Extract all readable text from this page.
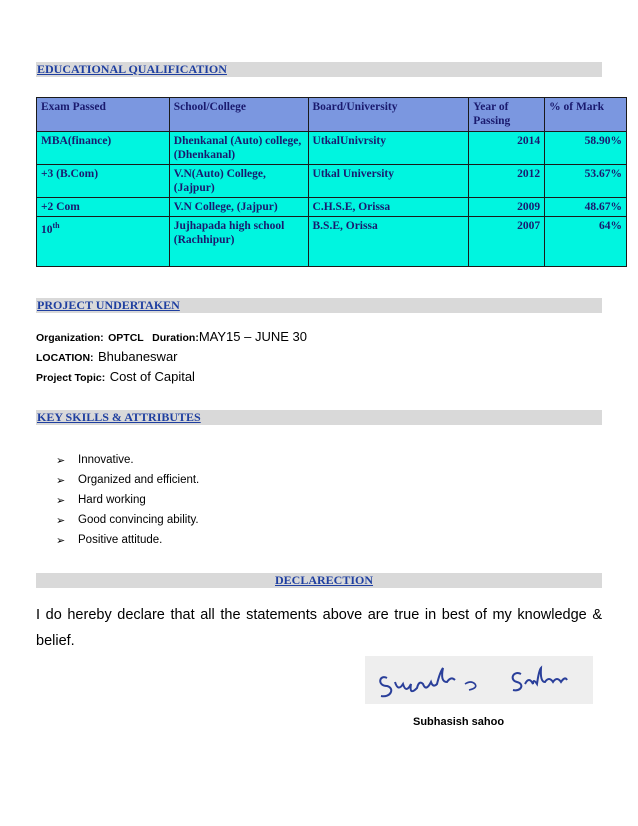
EDUCATIONAL QUALIFICATION
Exam Passed	School/College	Board/University	Year of Passing	% of Mark
MBA(finance)	Dhenkanal (Auto) college, (Dhenkanal)	UtkalUnivrsity	2014	58.90%
+3 (B.Com)	V.N(Auto) College, (Jajpur)	Utkal University	2012	53.67%
+2 Com	V.N College, (Jajpur)	C.H.S.E, Orissa	2009	48.67%
10th	Jujhapada high school (Rachhipur)	B.S.E, Orissa	2007	64%
PROJECT UNDERTAKEN
Organization: OPTCL Duration:MAY15 – JUNE 30
LOCATION: Bhubaneswar
Project Topic: Cost of Capital
KEY SKILLS & ATTRIBUTES
➢	Innovative.
➢	Organized and efficient.
➢	Hard working
➢	Good convincing ability.
➢	Positive attitude.
DECLARECTION
I do hereby declare that all the statements above are true in best of my knowledge & belief.
Subhasish sahoo
